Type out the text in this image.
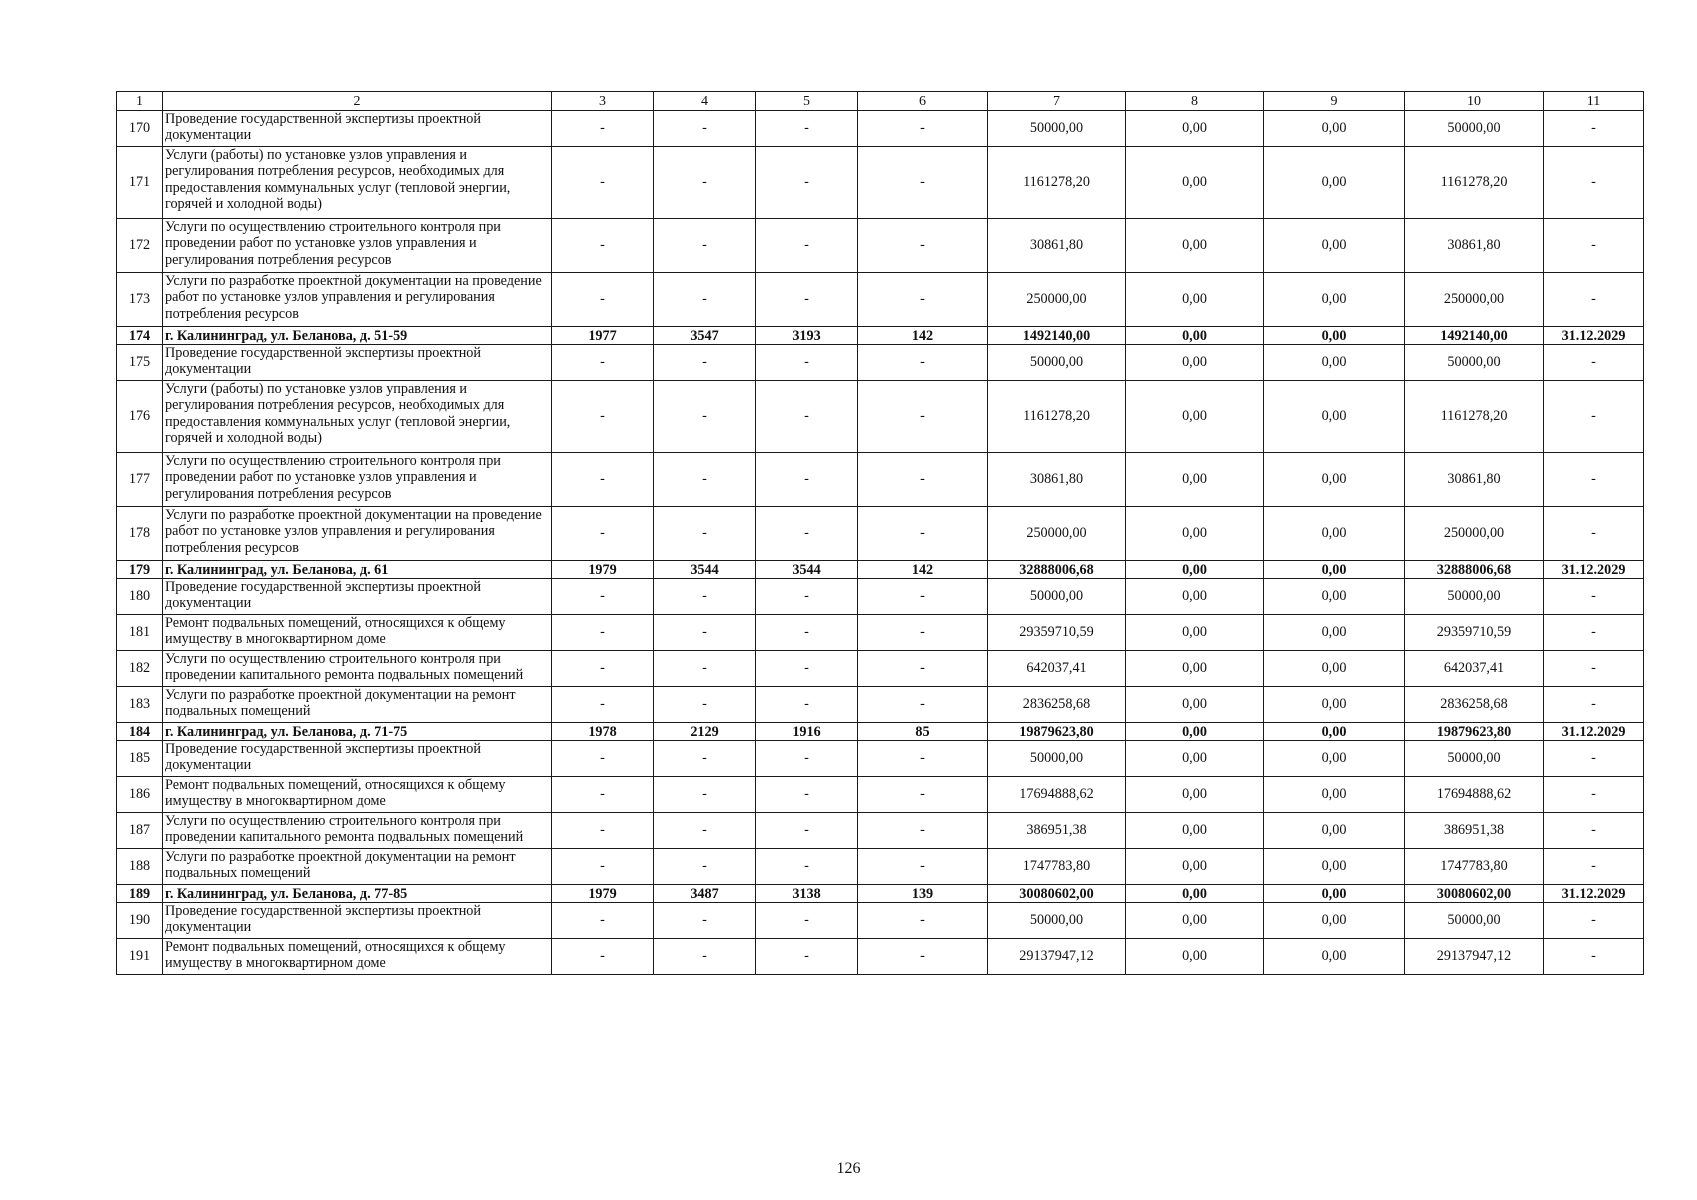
1	2	3	4	5	6	7	8	9	10	11
170	Проведение государственной экспертизы проектной документации	-	-	-	-	50000,00	0,00	0,00	50000,00	-
171	Услуги (работы) по установке узлов управления и регулирования потребления ресурсов, необходимых для предоставления коммунальных услуг (тепловой энергии, горячей и холодной воды)	-	-	-	-	1161278,20	0,00	0,00	1161278,20	-
172	Услуги по осуществлению строительного контроля при проведении работ по установке узлов управления и регулирования потребления ресурсов	-	-	-	-	30861,80	0,00	0,00	30861,80	-
173	Услуги по разработке проектной документации на проведение работ по установке узлов управления и регулирования потребления ресурсов	-	-	-	-	250000,00	0,00	0,00	250000,00	-
174	г. Калининград, ул. Беланова, д. 51-59	1977	3547	3193	142	1492140,00	0,00	0,00	1492140,00	31.12.2029
175	Проведение государственной экспертизы проектной документации	-	-	-	-	50000,00	0,00	0,00	50000,00	-
176	Услуги (работы) по установке узлов управления и регулирования потребления ресурсов, необходимых для предоставления коммунальных услуг (тепловой энергии, горячей и холодной воды)	-	-	-	-	1161278,20	0,00	0,00	1161278,20	-
177	Услуги по осуществлению строительного контроля при проведении работ по установке узлов управления и регулирования потребления ресурсов	-	-	-	-	30861,80	0,00	0,00	30861,80	-
178	Услуги по разработке проектной документации на проведение работ по установке узлов управления и регулирования потребления ресурсов	-	-	-	-	250000,00	0,00	0,00	250000,00	-
179	г. Калининград, ул. Беланова, д. 61	1979	3544	3544	142	32888006,68	0,00	0,00	32888006,68	31.12.2029
180	Проведение государственной экспертизы проектной документации	-	-	-	-	50000,00	0,00	0,00	50000,00	-
181	Ремонт подвальных помещений, относящихся к общему имуществу в многоквартирном доме	-	-	-	-	29359710,59	0,00	0,00	29359710,59	-
182	Услуги по осуществлению строительного контроля при проведении капитального ремонта подвальных помещений	-	-	-	-	642037,41	0,00	0,00	642037,41	-
183	Услуги по разработке проектной документации на ремонт подвальных помещений	-	-	-	-	2836258,68	0,00	0,00	2836258,68	-
184	г. Калининград, ул. Беланова, д. 71-75	1978	2129	1916	85	19879623,80	0,00	0,00	19879623,80	31.12.2029
185	Проведение государственной экспертизы проектной документации	-	-	-	-	50000,00	0,00	0,00	50000,00	-
186	Ремонт подвальных помещений, относящихся к общему имуществу в многоквартирном доме	-	-	-	-	17694888,62	0,00	0,00	17694888,62	-
187	Услуги по осуществлению строительного контроля при проведении капитального ремонта подвальных помещений	-	-	-	-	386951,38	0,00	0,00	386951,38	-
188	Услуги по разработке проектной документации на ремонт подвальных помещений	-	-	-	-	1747783,80	0,00	0,00	1747783,80	-
189	г. Калининград, ул. Беланова, д. 77-85	1979	3487	3138	139	30080602,00	0,00	0,00	30080602,00	31.12.2029
190	Проведение государственной экспертизы проектной документации	-	-	-	-	50000,00	0,00	0,00	50000,00	-
191	Ремонт подвальных помещений, относящихся к общему имуществу в многоквартирном доме	-	-	-	-	29137947,12	0,00	0,00	29137947,12	-
126
